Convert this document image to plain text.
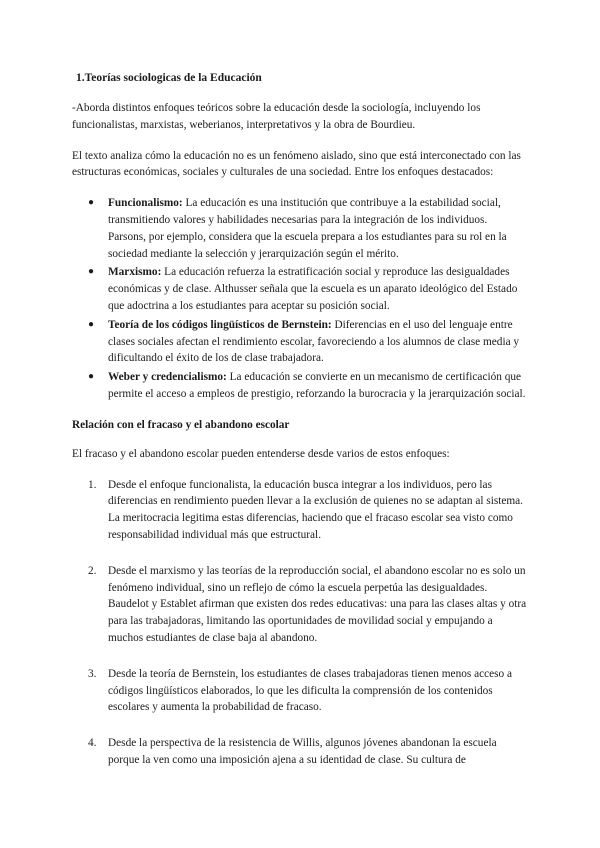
1.Teorías sociologicas de la Educación

-Aborda distintos enfoques teóricos sobre la educación desde la sociología, incluyendo los funcionalistas, marxistas, weberianos, interpretativos y la obra de Bourdieu.

El texto analiza cómo la educación no es un fenómeno aislado, sino que está interconectado con las estructuras económicas, sociales y culturales de una sociedad. Entre los enfoques destacados:

● Funcionalismo: La educación es una institución que contribuye a la estabilidad social, transmitiendo valores y habilidades necesarias para la integración de los individuos. Parsons, por ejemplo, considera que la escuela prepara a los estudiantes para su rol en la sociedad mediante la selección y jerarquización según el mérito.
● Marxismo: La educación refuerza la estratificación social y reproduce las desigualdades económicas y de clase. Althusser señala que la escuela es un aparato ideológico del Estado que adoctrina a los estudiantes para aceptar su posición social.
● Teoría de los códigos lingüísticos de Bernstein: Diferencias en el uso del lenguaje entre clases sociales afectan el rendimiento escolar, favoreciendo a los alumnos de clase media y dificultando el éxito de los de clase trabajadora.
● Weber y credencialismo: La educación se convierte en un mecanismo de certificación que permite el acceso a empleos de prestigio, reforzando la burocracia y la jerarquización social.
Relación con el fracaso y el abandono escolar

El fracaso y el abandono escolar pueden entenderse desde varios de estos enfoques:

1. Desde el enfoque funcionalista, la educación busca integrar a los individuos, pero las diferencias en rendimiento pueden llevar a la exclusión de quienes no se adaptan al sistema. La meritocracia legitima estas diferencias, haciendo que el fracaso escolar sea visto como responsabilidad individual más que estructural.
2. Desde el marxismo y las teorías de la reproducción social, el abandono escolar no es solo un fenómeno individual, sino un reflejo de cómo la escuela perpetúa las desigualdades. Baudelot y Establet afirman que existen dos redes educativas: una para las clases altas y otra para las trabajadoras, limitando las oportunidades de movilidad social y empujando a muchos estudiantes de clase baja al abandono.
3. Desde la teoría de Bernstein, los estudiantes de clases trabajadoras tienen menos acceso a códigos lingüísticos elaborados, lo que les dificulta la comprensión de los contenidos escolares y aumenta la probabilidad de fracaso.
4. Desde la perspectiva de la resistencia de Willis, algunos jóvenes abandonan la escuela porque la ven como una imposición ajena a su identidad de clase. Su cultura de
